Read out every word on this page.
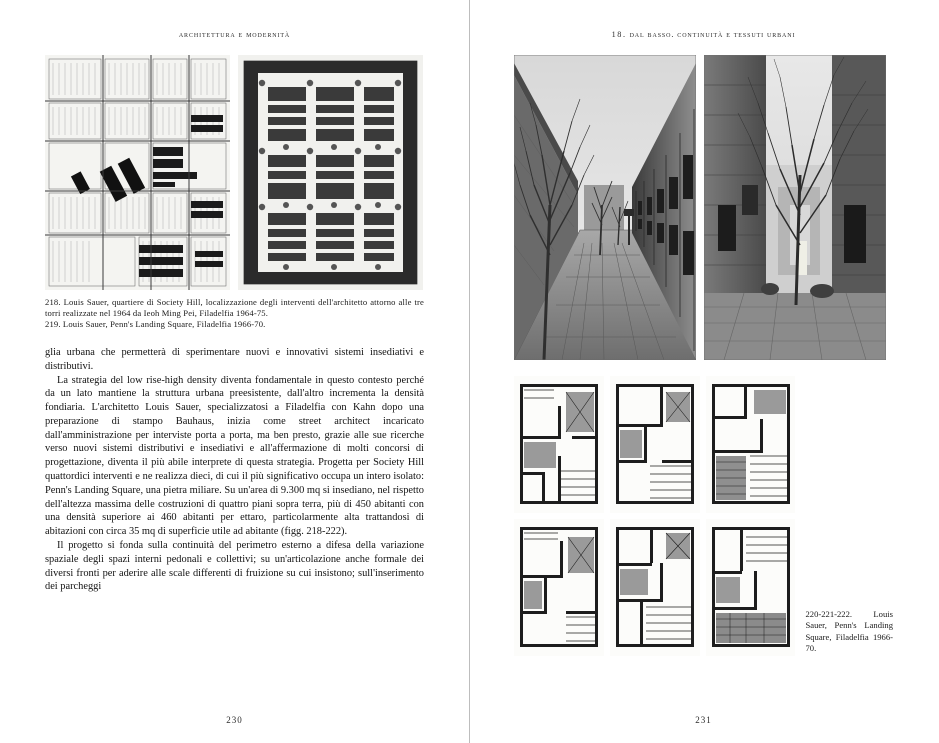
architettura e modernità
218. Louis Sauer, quartiere di Society Hill, localizzazione degli interventi dell'architetto attorno alle tre torri realizzate nel 1964 da Ieoh Ming Pei, Filadelfia 1964-75.
219. Louis Sauer, Penn's Landing Square, Filadelfia 1966-70.

glia urbana che permetterà di sperimentare nuovi e innovativi sistemi insediativi e distributivi.

La strategia del low rise-high density diventa fondamentale in questo contesto perché da un lato mantiene la struttura urbana preesistente, dall'altro incrementa la densità fondiaria. L'architetto Louis Sauer, specializzatosi a Filadelfia con Kahn dopo una preparazione di stampo Bauhaus, inizia come street architect incaricato dall'amministrazione per interviste porta a porta, ma ben presto, grazie alle sue ricerche verso nuovi sistemi distributivi e insediativi e all'affermazione di molti concorsi di progettazione, diventa il più abile interprete di questa strategia. Progetta per Society Hill quattordici interventi e ne realizza dieci, di cui il più significativo occupa un intero isolato: Penn's Landing Square, una pietra miliare. Su un'area di 9.300 mq si insediano, nel rispetto dell'altezza massima delle costruzioni di quattro piani sopra terra, più di 450 abitanti con una densità superiore ai 460 abitanti per ettaro, particolarmente alta trattandosi di abitazioni con circa 35 mq di superficie utile ad abitante (figg. 218-222).

Il progetto si fonda sulla continuità del perimetro esterno a difesa della variazione spaziale degli spazi interni pedonali e collettivi; su un'articolazione anche formale dei diversi fronti per aderire alle scale differenti di fruizione su cui insistono; sull'inserimento dei parcheggi

230
18. dal basso. continuità e tessuti urbani
220-221-222. Louis Sauer, Penn's Landing Square, Filadelfia 1966-70.
231
